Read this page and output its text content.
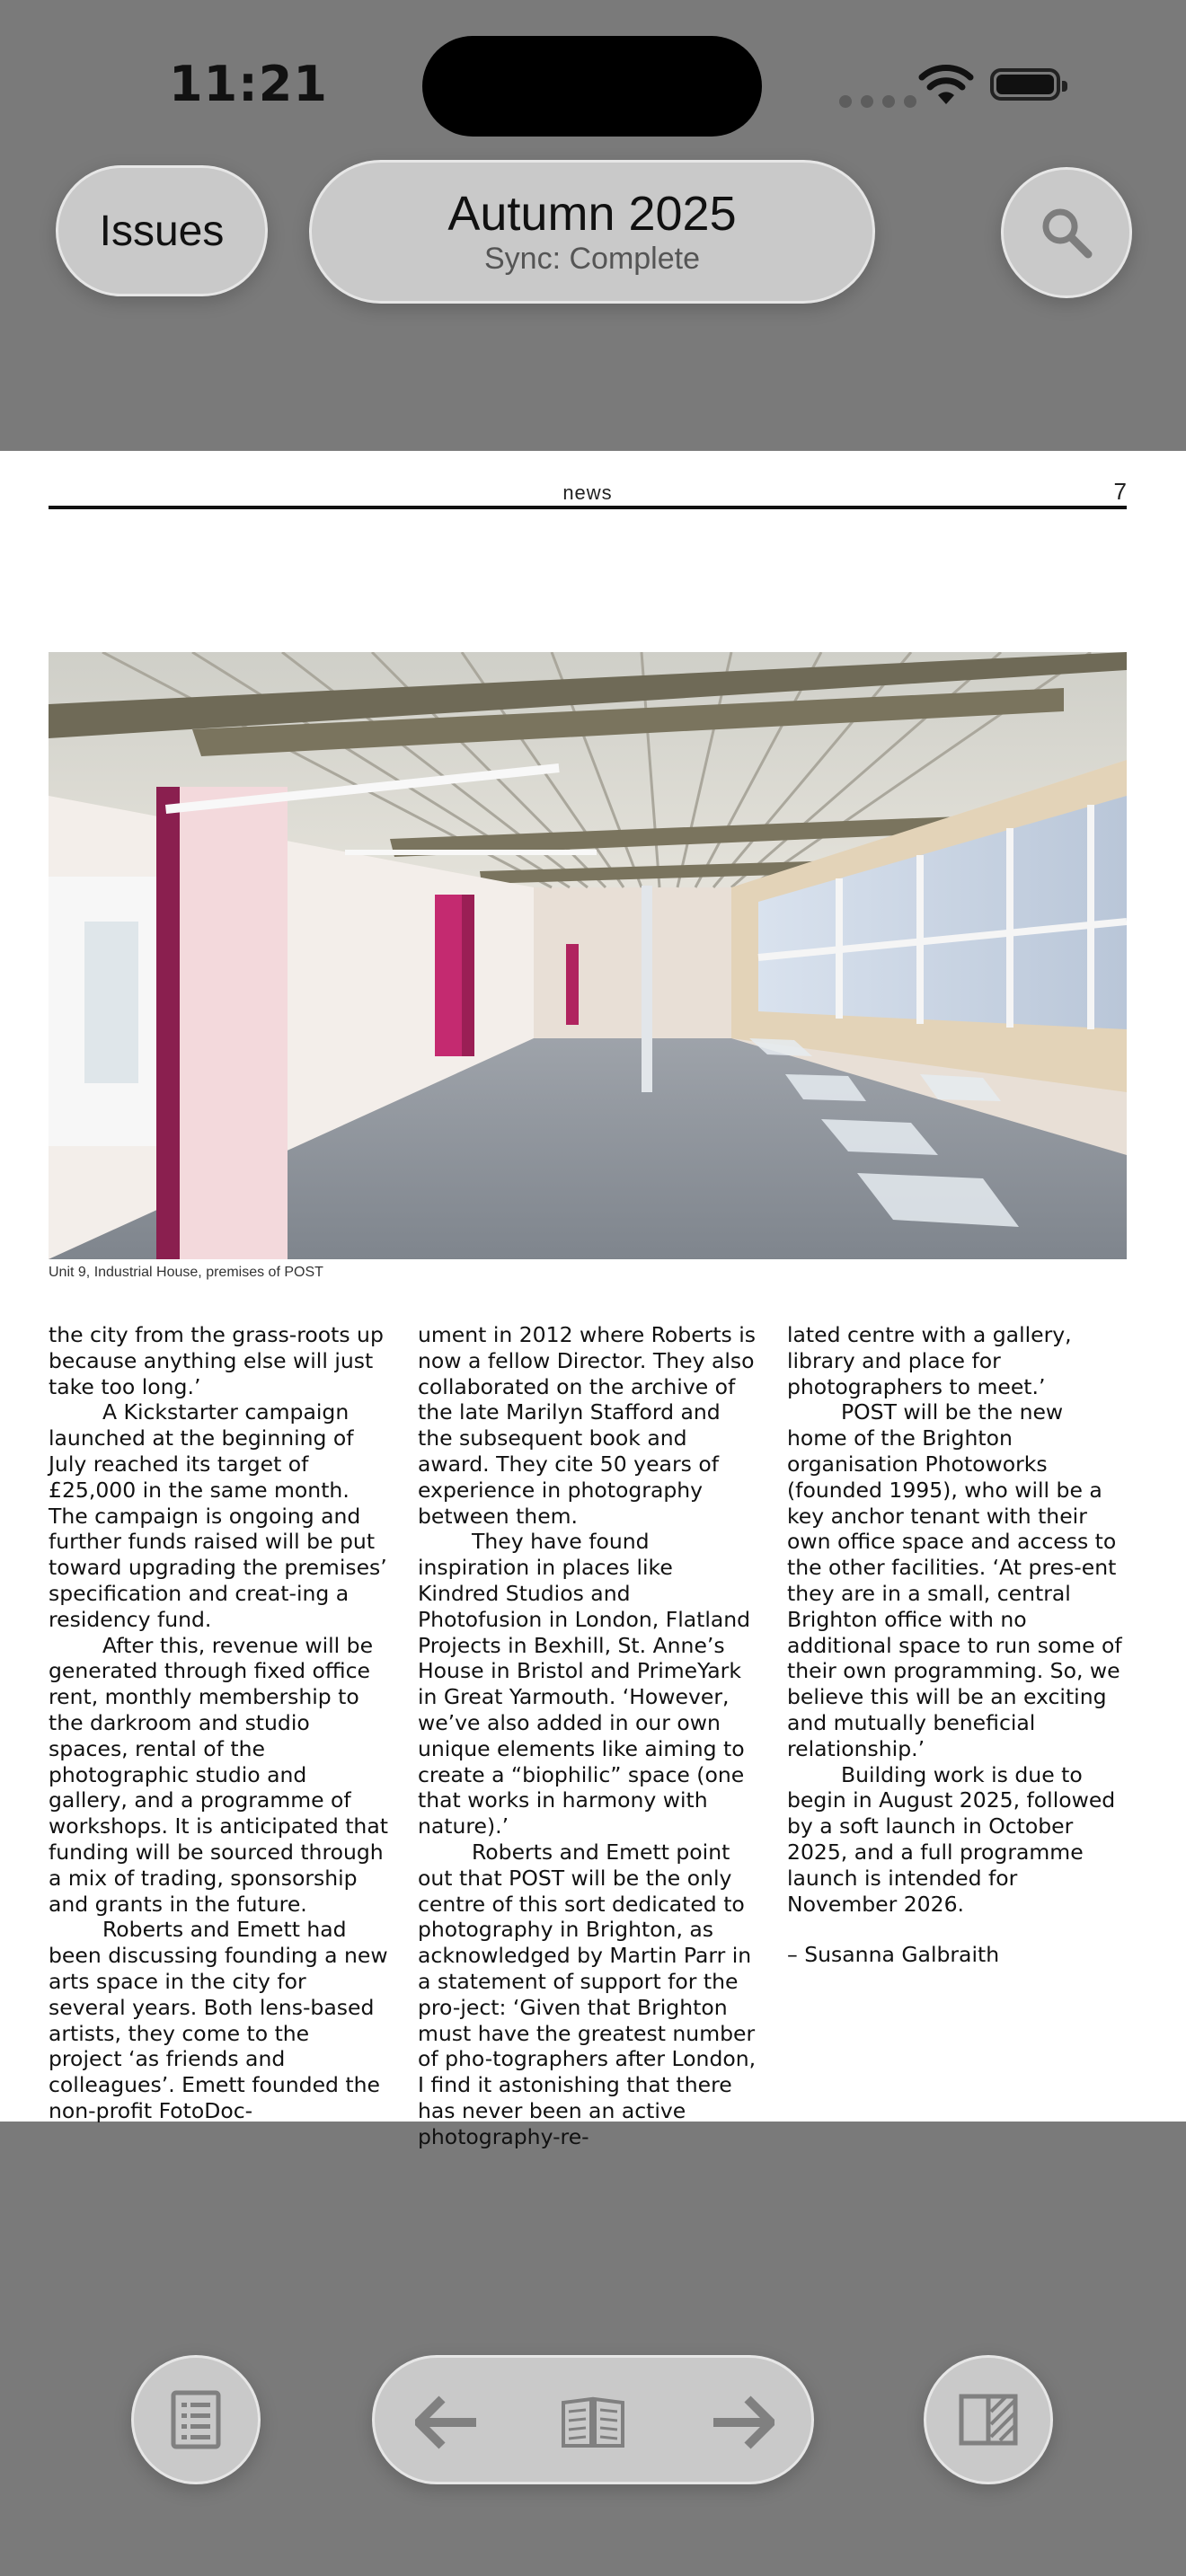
11:21
Issues	Autumn 2025
Sync: Complete
news	7
Unit 9, Industrial House, premises of POST

the city from the grass-roots up because anything else will just take too long.’

A Kickstarter campaign launched at the beginning of July reached its target of £25,000 in the same month. The campaign is ongoing and further funds raised will be put toward upgrading the premises’ specification and creat-ing a residency fund.

After this, revenue will be generated through fixed office rent, monthly membership to the darkroom and studio spaces, rental of the photographic studio and gallery, and a programme of workshops. It is anticipated that funding will be sourced through a mix of trading, sponsorship and grants in the future.

Roberts and Emett had been discussing founding a new arts space in the city for several years. Both lens-based artists, they come to the project ‘as friends and colleagues’. Emett founded the non-profit FotoDoc-

ument in 2012 where Roberts is now a fellow Director. They also collaborated on the archive of the late Marilyn Stafford and the subsequent book and award. They cite 50 years of experience in photography between them.

They have found inspiration in places like Kindred Studios and Photofusion in London, Flatland Projects in Bexhill, St. Anne’s House in Bristol and PrimeYark in Great Yarmouth. ‘However, we’ve also added in our own unique elements like aiming to create a “biophilic” space (one that works in harmony with nature).’

Roberts and Emett point out that POST will be the only centre of this sort dedicated to photography in Brighton, as acknowledged by Martin Parr in a statement of support for the pro-ject: ‘Given that Brighton must have the greatest number of pho-tographers after London, I find it astonishing that there has never been an active photography-re-

lated centre with a gallery, library and place for photographers to meet.’

POST will be the new home of the Brighton organisation Photoworks (founded 1995), who will be a key anchor tenant with their own office space and access to the other facilities. ‘At pres-ent they are in a small, central Brighton office with no additional space to run some of their own programming. So, we believe this will be an exciting and mutually beneficial relationship.’

Building work is due to begin in August 2025, followed by a soft launch in October 2025, and a full programme launch is intended for November 2026.

– Susanna Galbraith
